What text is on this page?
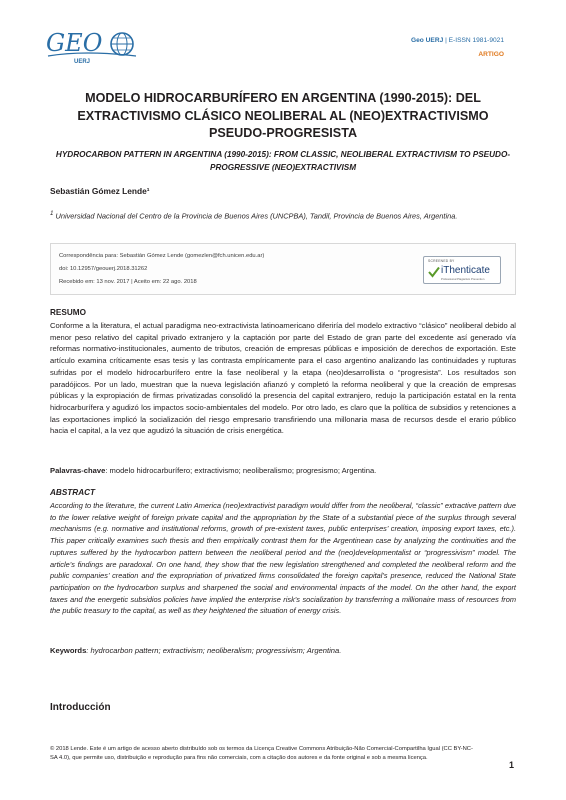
GEO
UERJ
Geo UERJ | E-ISSN 1981-9021
ARTIGO
MODELO HIDROCARBURÍFERO EN ARGENTINA (1990-2015): DEL EXTRACTIVISMO CLÁSICO NEOLIBERAL AL (NEO)EXTRACTIVISMO PSEUDO-PROGRESISTA
HYDROCARBON PATTERN IN ARGENTINA (1990-2015): FROM CLASSIC, NEOLIBERAL EXTRACTIVISM TO PSEUDO-PROGRESSIVE (NEO)EXTRACTIVISM
Sebastián Gómez Lende¹
$^1$ Universidad Nacional del Centro de la Provincia de Buenos Aires (UNCPBA), Tandil, Provincia de Buenos Aires, Argentina.
Correspondência para: Sebastián Gómez Lende (gomezlen@fch.unicen.edu.ar)
doi: 10.12957/geouerj.2018.31262
Recebido em: 13 nov. 2017 | Aceito em: 22 ago. 2018
SCREENED BY
iThenticate
Professional Plagiarism Prevention
RESUMO
Conforme a la literatura, el actual paradigma neo-extractivista latinoamericano diferiría del modelo extractivo “clásico” neoliberal debido al menor peso relativo del capital privado extranjero y la captación por parte del Estado de gran parte del excedente así generado vía reformas normativo-institucionales, aumento de tributos, creación de empresas públicas e imposición de derechos de exportación. Este artículo examina críticamente esas tesis y las contrasta empíricamente para el caso argentino analizando las continuidades y rupturas sufridas por el modelo hidrocarburífero entre la fase neoliberal y la etapa (neo)desarrollista o “progresista”. Los resultados son paradójicos. Por un lado, muestran que la nueva legislación afianzó y completó la reforma neoliberal y que la creación de empresas públicas y la expropiación de firmas privatizadas consolidó la presencia del capital extranjero, redujo la participación estatal en la renta hidrocarburífera y agudizó los impactos socio-ambientales del modelo. Por otro lado, es claro que la política de subsidios y retenciones a las exportaciones implicó la socialización del riesgo empresario transfiriendo una millonaria masa de recursos desde el erario público hacia el capital, a la vez que agudizó la situación de crisis energética.
Palavras-chave: modelo hidrocarburífero; extractivismo; neoliberalismo; progresismo; Argentina.
ABSTRACT
According to the literature, the current Latin America (neo)extractivist paradigm would differ from the neoliberal, “classic” extractive pattern due to the lower relative weight of foreign private capital and the appropriation by the State of a substantial piece of the surplus through several mechanisms (e.g. normative and institutional reforms, growth of pre-existent taxes, public enterprises’ creation, imposing export taxes, etc.). This paper critically examines such thesis and then empirically contrast them for the Argentinean case by analyzing the continuities and the ruptures suffered by the hydrocarbon pattern between the neoliberal period and the (neo)developmentalist or “progressivism” model. The article’s findings are paradoxal. On one hand, they show that the new legislation strengthened and completed the neoliberal reform and the public companies’ creation and the expropriation of privatized firms consolidated the foreign capital’s presence, reduced the National State participation on the hydrocarbon surplus and sharpened the social and environmental impacts of the model. On the other hand, the export taxes and the energetic subsidios policies have implied the enterprise risk’s socialization by transferring a millionaire mass of resources from the public treasury to the capital, as well as they heightened the situation of energy crisis.
Keywords: hydrocarbon pattern; extractivism; neoliberalism; progressivism; Argentina.
Introducción
© 2018 Lende. Este é um artigo de acesso aberto distribuído sob os termos da Licença Creative Commons Atribuição-Não Comercial-Compartilha Igual (CC BY-NC-SA 4.0), que permite uso, distribuição e reprodução para fins não comerciais, com a citação dos autores e da fonte original e sob a mesma licença.
1
